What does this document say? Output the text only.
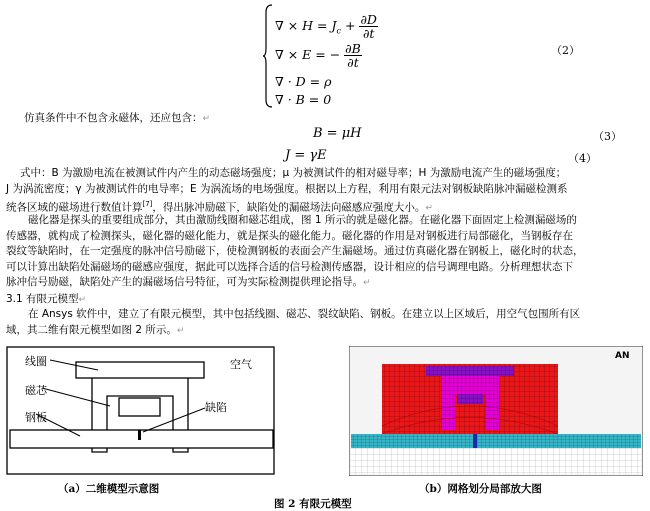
∇ × $H = J_c + \frac{\partial D}{\partial t}$
∇ × E = − $\frac{\partial B}{\partial t}$
∇ · D = ρ
∇ · B = 0
（2）
仿真条件中不包含永磁体，还应包含：↵
B = μH	（3）
J = γE	（4）
式中：B 为激励电流在被测试件内产生的动态磁场强度；μ 为被测试件的相对磁导率；H 为激励电流产生的磁场强度；
J 为涡流密度；γ 为被测试件的电导率；E 为涡流场的电场强度。根据以上方程，利用有限元法对钢板缺陷脉冲漏磁检测系
统各区域的磁场进行数值计算[7]，得出脉冲励磁下，缺陷处的漏磁场法向磁感应强度大小。↵
磁化器是探头的重要组成部分，其由激励线圈和磁芯组成，图 1 所示的就是磁化器。在磁化器下面固定上检测漏磁场的
传感器，就构成了检测探头，磁化器的磁化能力，就是探头的磁化能力。磁化器的作用是对钢板进行局部磁化，当钢板存在
裂纹等缺陷时，在一定强度的脉冲信号励磁下，使检测钢板的表面会产生漏磁场。通过仿真磁化器在钢板上，磁化时的状态，
可以计算出缺陷处漏磁场的磁感应强度，据此可以选择合适的信号检测传感器，设计相应的信号调理电路。分析理想状态下
脉冲信号励磁，缺陷处产生的漏磁场信号特征，可为实际检测提供理论指导。↵
3.1 有限元模型↵
在 Ansys 软件中，建立了有限元模型，其中包括线圈、磁芯、裂纹缺陷、钢板。在建立以上区域后，用空气包围所有区
域，其二维有限元模型如图 2 所示。↵
线圈
磁芯
钢板
空气
缺陷
AN
（a）二维模型示意图	（b）网格划分局部放大图
图 2 有限元模型
